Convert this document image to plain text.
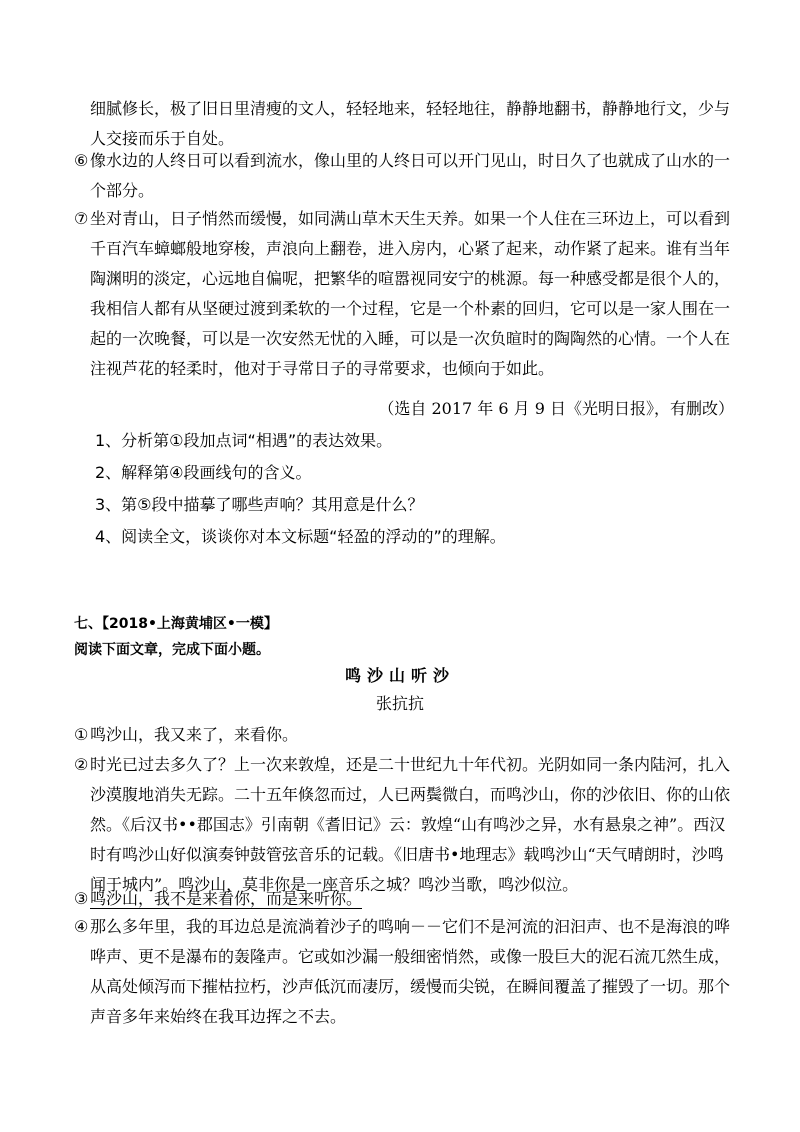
细腻修长，极了旧日里清瘦的文人，轻轻地来，轻轻地往，静静地翻书，静静地行文，少与人交接而乐于自处。

⑥ 像水边的人终日可以看到流水，像山里的人终日可以开门见山，时日久了也就成了山水的一个部分。

⑦ 坐对青山，日子悄然而缓慢，如同满山草木天生天养。如果一个人住在三环边上，可以看到千百汽车蟑螂般地穿梭，声浪向上翻卷，进入房内，心紧了起来，动作紧了起来。谁有当年陶渊明的淡定，心远地自偏呢，把繁华的喧嚣视同安宁的桃源。每一种感受都是很个人的，我相信人都有从坚硬过渡到柔软的一个过程，它是一个朴素的回归，它可以是一家人围在一起的一次晚餐，可以是一次安然无忧的入睡，可以是一次负暄时的陶陶然的心情。一个人在注视芦花的轻柔时，他对于寻常日子的寻常要求，也倾向于如此。

（选自 2017 年 6 月 9 日《光明日报》，有删改）

1、分析第①段加点词“相遇”的表达效果。

2、解释第④段画线句的含义。

3、第⑤段中描摹了哪些声响？其用意是什么？

4、阅读全文，谈谈你对本文标题“轻盈的浮动的”的理解。

七、【2018•上海黄埔区•一模】

阅读下面文章，完成下面小题。

鸣沙山听沙

张抗抗

① 鸣沙山，我又来了，来看你。

② 时光已过去多久了？上一次来敦煌，还是二十世纪九十年代初。光阴如同一条内陆河，扎入沙漠腹地消失无踪。二十五年倏忽而过，人已两鬓微白，而鸣沙山，你的沙依旧、你的山依然。《后汉书••郡国志》引南朝《耆旧记》云：敦煌“山有鸣沙之异，水有悬泉之神”。西汉时有鸣沙山好似演奏钟鼓管弦音乐的记载。《旧唐书•地理志》载鸣沙山“天气晴朗时，沙鸣闻于城内”。鸣沙山，莫非你是一座音乐之城？鸣沙当歌，鸣沙似泣。

③ 鸣沙山，我不是来看你，而是来听你。

④ 那么多年里，我的耳边总是流淌着沙子的鸣响－－它们不是河流的汩汩声、也不是海浪的哗哗声、更不是瀑布的轰隆声。它或如沙漏一般细密悄然，或像一股巨大的泥石流兀然生成，从高处倾泻而下摧枯拉朽，沙声低沉而凄厉，缓慢而尖锐，在瞬间覆盖了摧毁了一切。那个声音多年来始终在我耳边挥之不去。
